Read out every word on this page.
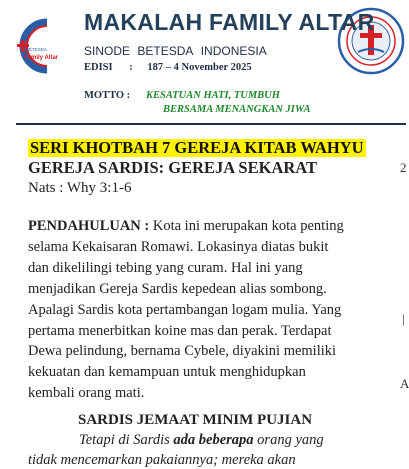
BETESDA
Family Altar
MAKALAH FAMILY ALTAR
SINODE BETESDA INDONESIA
EDISI : 187 – 4 November 2025
MOTTO : KESATUAN HATI, TUMBUH
BERSAMA MENANGKAN JIWA
SERI KHOTBAH 7 GEREJA KITAB WAHYU
GEREJA SARDIS: GEREJA SEKARAT
Nats : Why 3:1-6

PENDAHULUAN : Kota ini merupakan kota penting
selama Kekaisaran Romawi. Lokasinya diatas bukit
dan dikelilingi tebing yang curam. Hal ini yang
menjadikan Gereja Sardis kepedean alias sombong.
Apalagi Sardis kota pertambangan logam mulia. Yang
pertama menerbitkan koine mas dan perak. Terdapat
Dewa pelindung, bernama Cybele, diyakini memiliki
kekuatan dan kemampuan untuk menghidupkan
kembali orang mati.

SARDIS JEMAAT MINIM PUJIAN
Tetapi di Sardis ada beberapa orang yang
tidak mencemarkan pakaiannya; mereka akan
2
|
A
